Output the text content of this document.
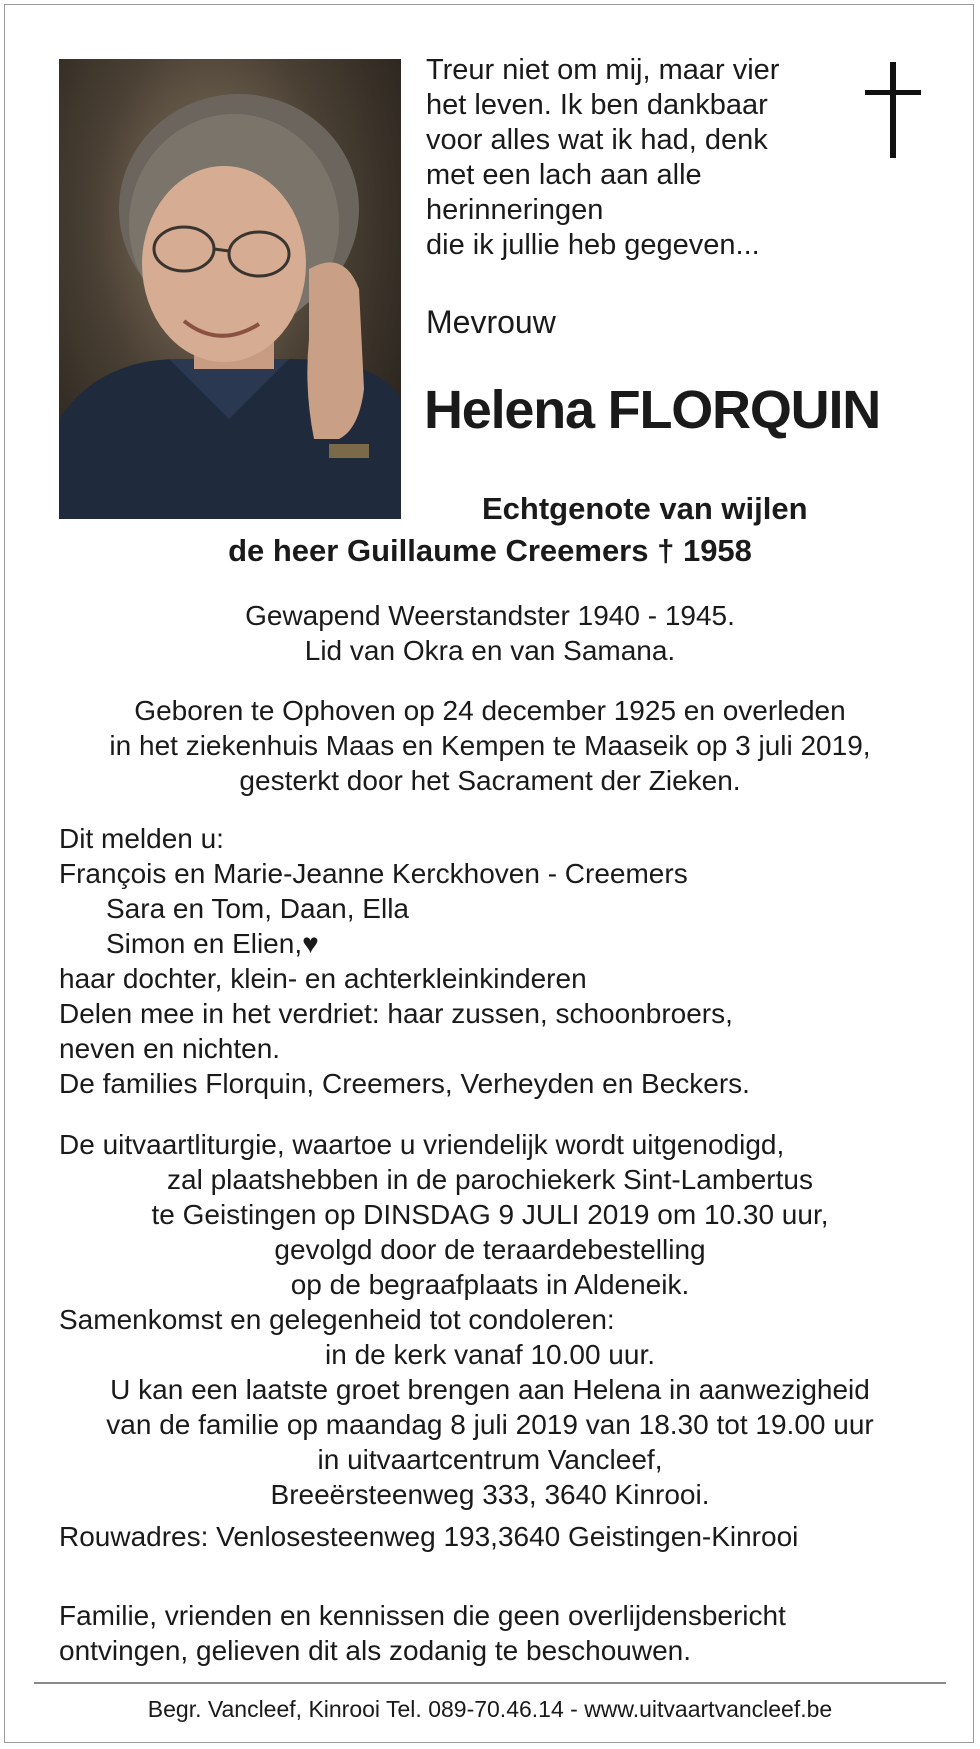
Treur niet om mij, maar vier
het leven. Ik ben dankbaar
voor alles wat ik had, denk
met een lach aan alle
herinneringen
die ik jullie heb gegeven...
Mevrouw
Helena FLORQUIN
Echtgenote van wijlen
de heer Guillaume Creemers † 1958
Gewapend Weerstandster 1940 - 1945.
Lid van Okra en van Samana.
Geboren te Ophoven op 24 december 1925 en overleden
in het ziekenhuis Maas en Kempen te Maaseik op 3 juli 2019,
gesterkt door het Sacrament der Zieken.
Dit melden u:
François en Marie-Jeanne Kerckhoven - Creemers
Sara en Tom, Daan, Ella
Simon en Elien,♥
haar dochter, klein- en achterkleinkinderen
Delen mee in het verdriet: haar zussen, schoonbroers,
neven en nichten.
De families Florquin, Creemers, Verheyden en Beckers.
De uitvaartliturgie, waartoe u vriendelijk wordt uitgenodigd,
zal plaatshebben in de parochiekerk Sint-Lambertus
te Geistingen op DINSDAG 9 JULI 2019 om 10.30 uur,
gevolgd door de teraardebestelling
op de begraafplaats in Aldeneik.
Samenkomst en gelegenheid tot condoleren:
in de kerk vanaf 10.00 uur.
U kan een laatste groet brengen aan Helena in aanwezigheid
van de familie op maandag 8 juli 2019 van 18.30 tot 19.00 uur
in uitvaartcentrum Vancleef,
Breeërsteenweg 333, 3640 Kinrooi.
Rouwadres: Venlosesteenweg 193,3640 Geistingen-Kinrooi
Familie, vrienden en kennissen die geen overlijdensbericht
ontvingen, gelieven dit als zodanig te beschouwen.
Begr. Vancleef, Kinrooi Tel. 089-70.46.14 - www.uitvaartvancleef.be
